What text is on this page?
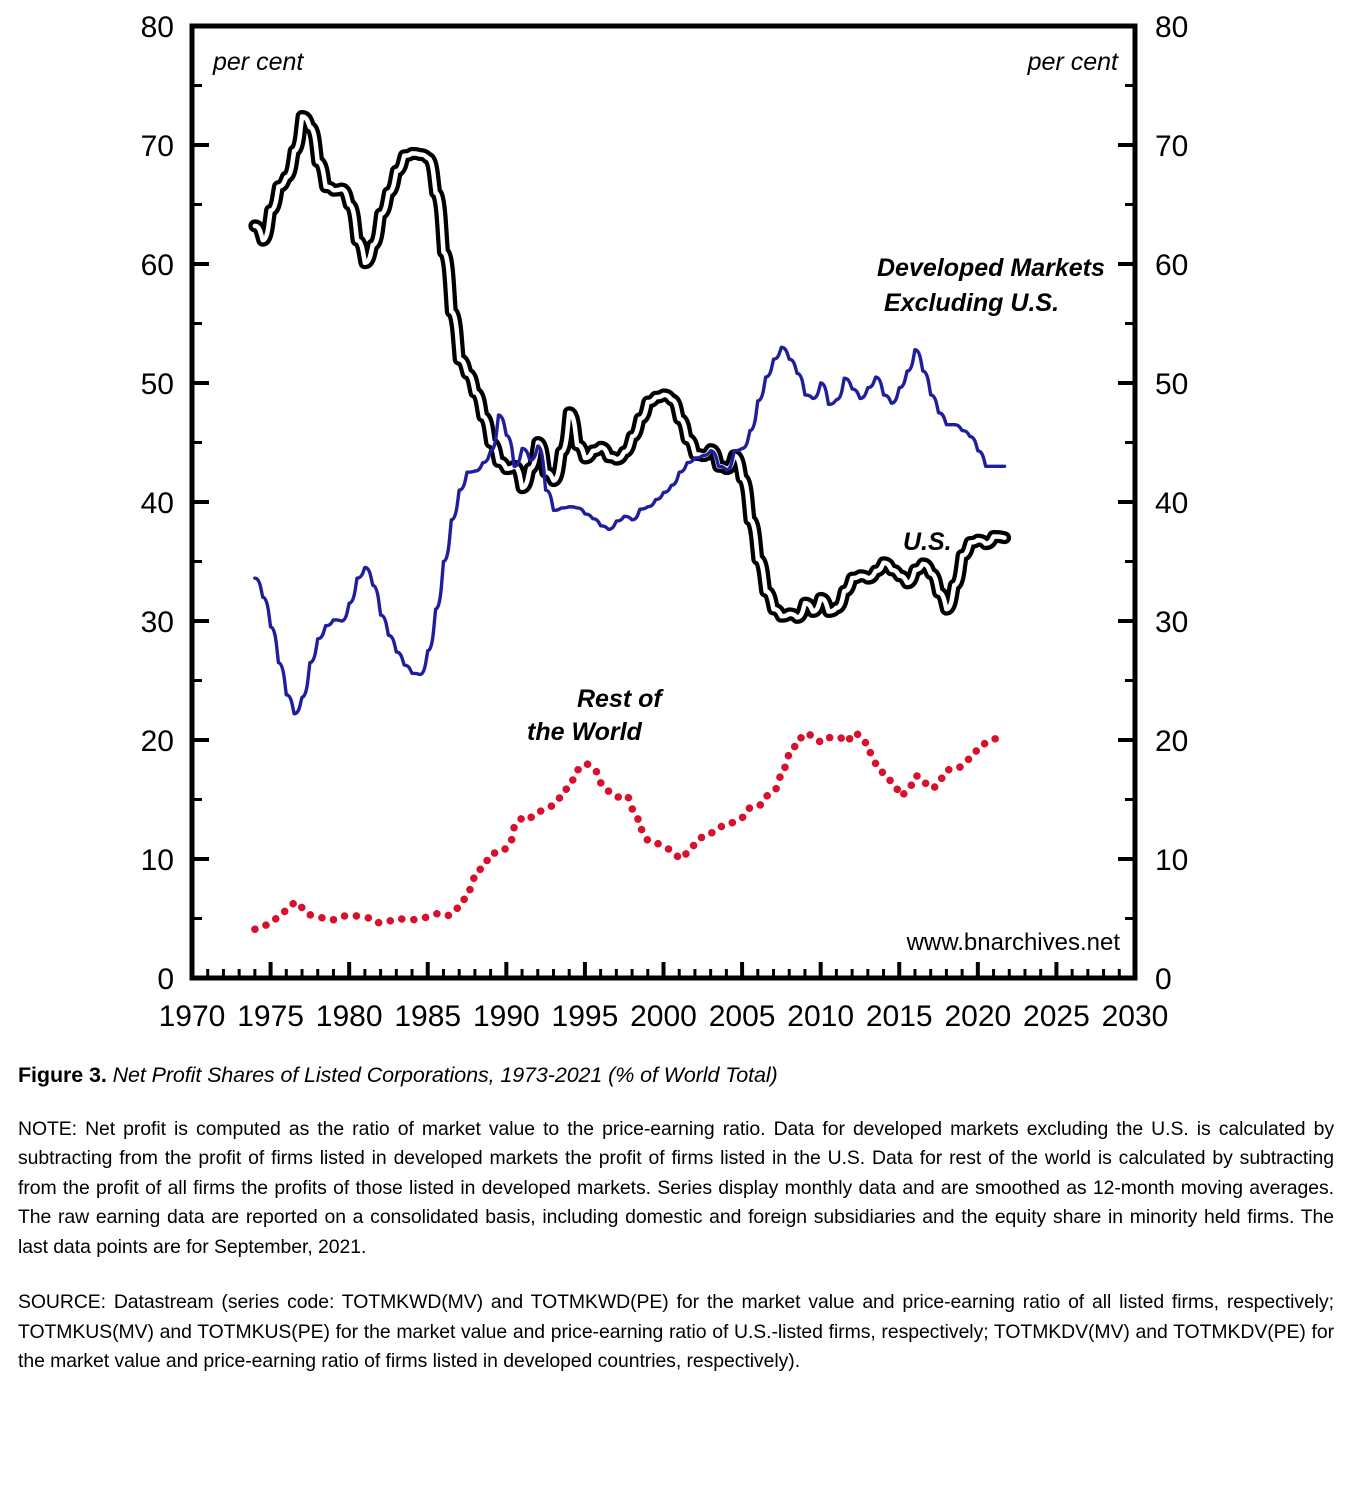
0	0
10	10
20	20
30	30
40	40
50	50
60	60
70	70
80	80
1970 1975 1980 1985 1990 1995 2000 2005 2010 2015 2020 2025 2030
per cent	per cent
Developed Markets
Excluding U.S.
U.S.
Rest of
the World
www.bnarchives.net
Figure 3. Net Profit Shares of Listed Corporations, 1973-2021 (% of World Total)

NOTE: Net profit is computed as the ratio of market value to the price-earning ratio. Data for developed markets excluding the U.S. is calculated by subtracting from the profit of firms listed in developed markets the profit of firms listed in the U.S. Data for rest of the world is calculated by subtracting from the profit of all firms the profits of those listed in developed markets. Series display monthly data and are smoothed as 12-month moving averages. The raw earning data are reported on a consolidated basis, including domestic and foreign subsidiaries and the equity share in minority held firms. The last data points are for September, 2021.

SOURCE: Datastream (series code: TOTMKWD(MV) and TOTMKWD(PE) for the market value and price-earning ratio of all listed firms, respectively; TOTMKUS(MV) and TOTMKUS(PE) for the market value and price-earning ratio of U.S.-listed firms, respectively; TOTMKDV(MV) and TOTMKDV(PE) for the market value and price-earning ratio of firms listed in developed countries, respectively).
